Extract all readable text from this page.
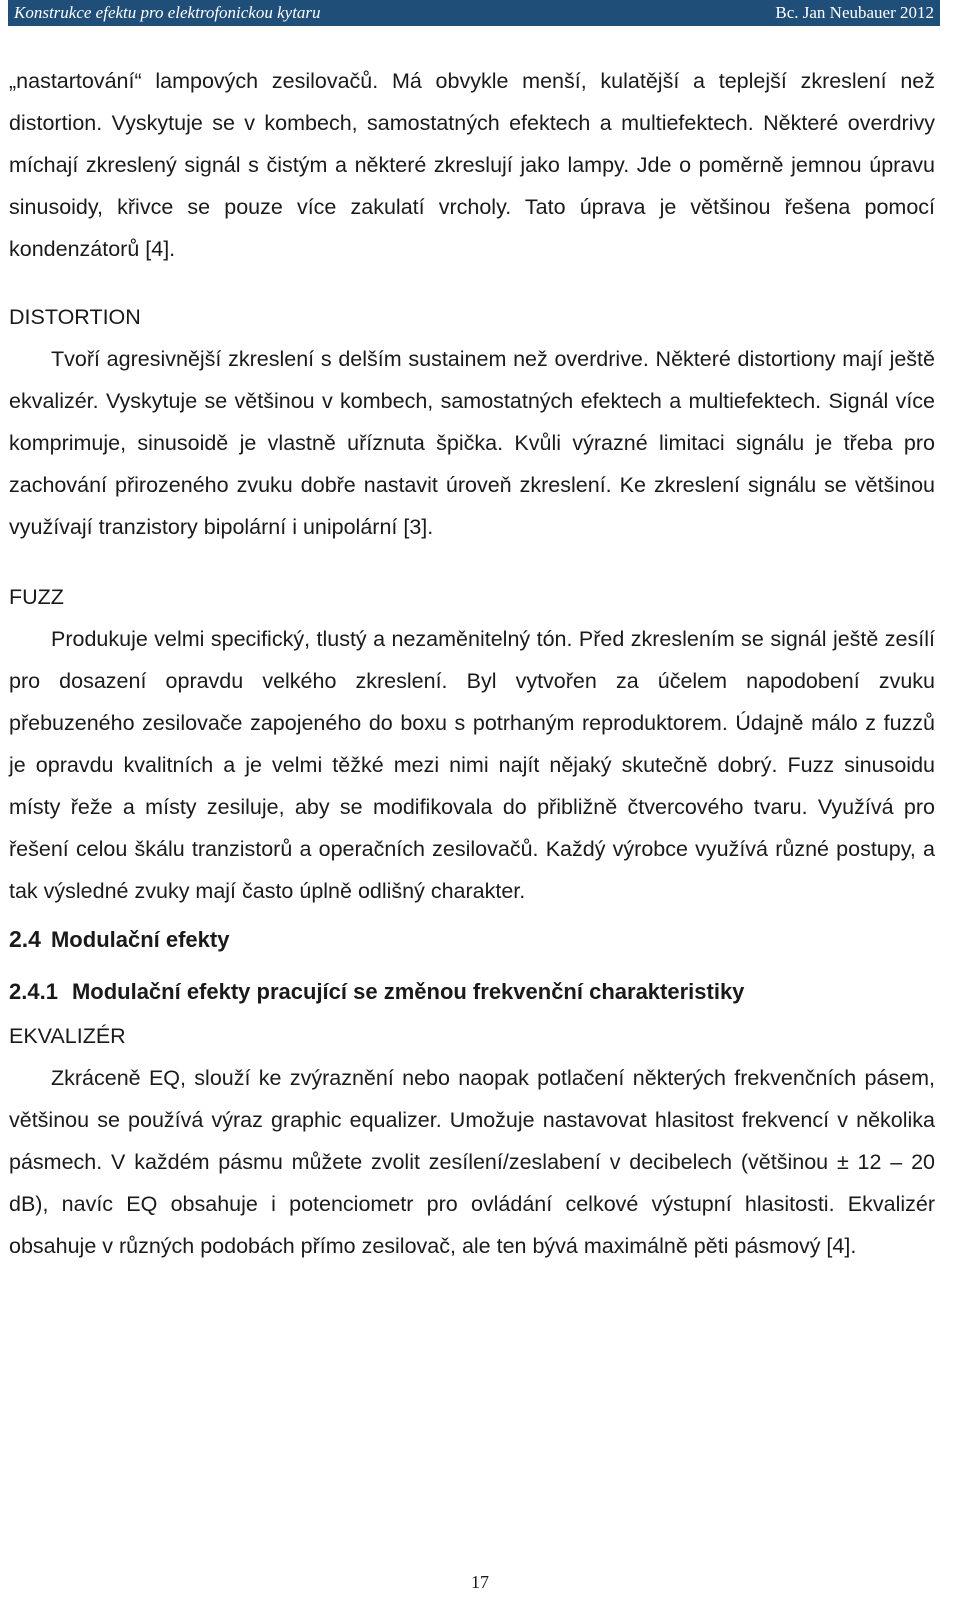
Konstrukce efektu pro elektrofonickou kytaru	Bc. Jan Neubauer 2012

„nastartování“ lampových zesilovačů. Má obvykle menší, kulatější a teplejší zkreslení než distortion. Vyskytuje se v kombech, samostatných efektech a multiefektech. Některé overdrivy míchají zkreslený signál s čistým a některé zkreslují jako lampy. Jde o poměrně jemnou úpravu sinusoidy, křivce se pouze více zakulatí vrcholy. Tato úprava je většinou řešena pomocí kondenzátorů [4].

DISTORTION

Tvoří agresivnější zkreslení s delším sustainem než overdrive. Některé distortiony mají ještě ekvalizér. Vyskytuje se většinou v kombech, samostatných efektech a multiefektech. Signál více komprimuje, sinusoidě je vlastně uříznuta špička. Kvůli výrazné limitaci signálu je třeba pro zachování přirozeného zvuku dobře nastavit úroveň zkreslení. Ke zkreslení signálu se většinou využívají tranzistory bipolární i unipolární [3].

FUZZ

Produkuje velmi specifický, tlustý a nezaměnitelný tón. Před zkreslením se signál ještě zesílí pro dosazení opravdu velkého zkreslení. Byl vytvořen za účelem napodobení zvuku přebuzeného zesilovače zapojeného do boxu s potrhaným reproduktorem. Údajně málo z fuzzů je opravdu kvalitních a je velmi těžké mezi nimi najít nějaký skutečně dobrý. Fuzz sinusoidu místy řeže a místy zesiluje, aby se modifikovala do přibližně čtvercového tvaru. Využívá pro řešení celou škálu tranzistorů a operačních zesilovačů. Každý výrobce využívá různé postupy, a tak výsledné zvuky mají často úplně odlišný charakter.

2.4 Modulační efekty
2.4.1 Modulační efekty pracující se změnou frekvenční charakteristiky
EKVALIZÉR

Zkráceně EQ, slouží ke zvýraznění nebo naopak potlačení některých frekvenčních pásem, většinou se používá výraz graphic equalizer. Umožuje nastavovat hlasitost frekvencí v několika pásmech. V každém pásmu můžete zvolit zesílení/zeslabení v decibelech (většinou ± 12 – 20 dB), navíc EQ obsahuje i potenciometr pro ovládání celkové výstupní hlasitosti. Ekvalizér obsahuje v různých podobách přímo zesilovač, ale ten bývá maximálně pěti pásmový [4].

17
